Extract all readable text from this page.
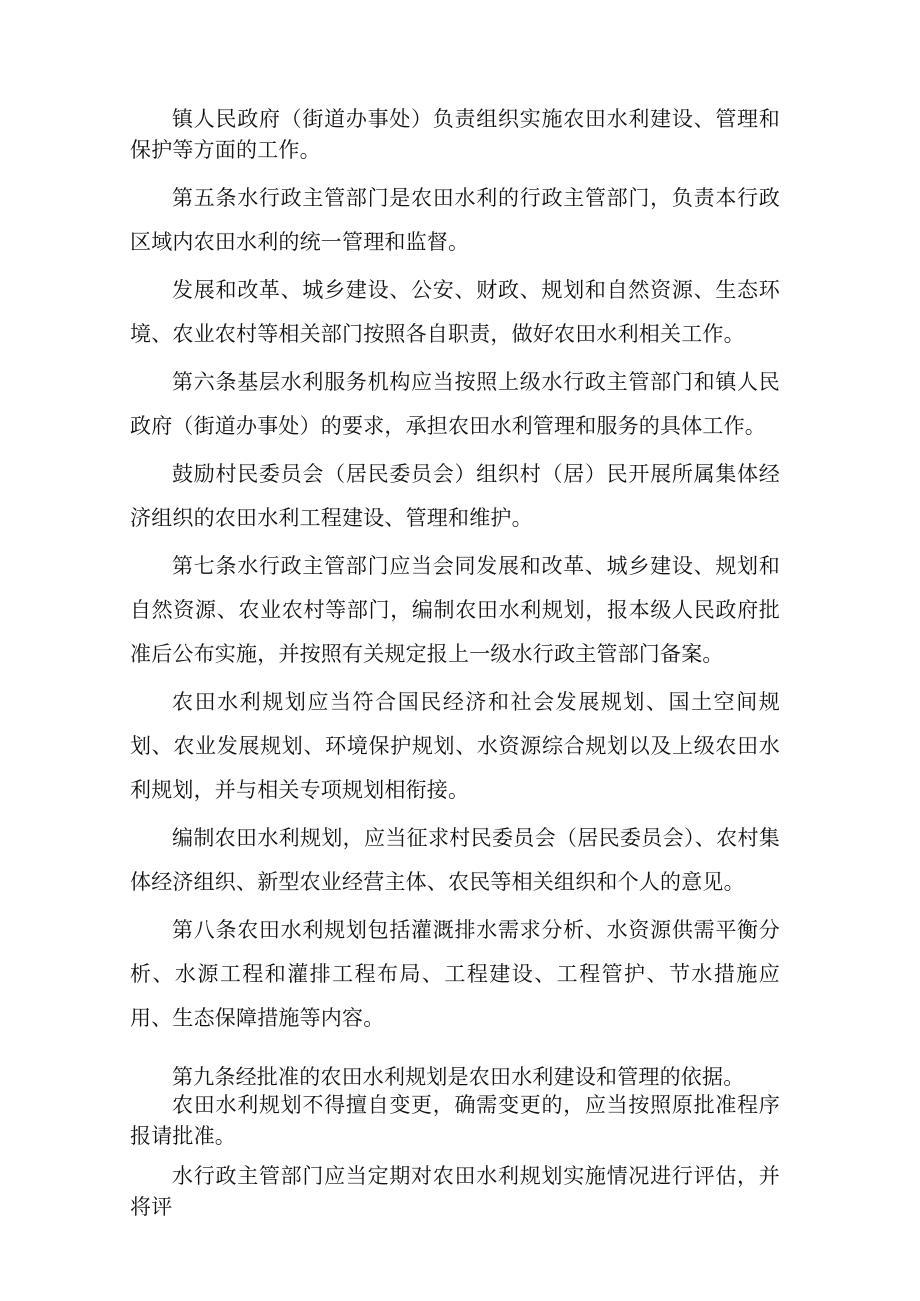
镇人民政府（街道办事处）负责组织实施农田水利建设、管理和保护等方面的工作。

第五条水行政主管部门是农田水利的行政主管部门，负责本行政区域内农田水利的统一管理和监督。

发展和改革、城乡建设、公安、财政、规划和自然资源、生态环境、农业农村等相关部门按照各自职责，做好农田水利相关工作。

第六条基层水利服务机构应当按照上级水行政主管部门和镇人民政府（街道办事处）的要求，承担农田水利管理和服务的具体工作。

鼓励村民委员会（居民委员会）组织村（居）民开展所属集体经济组织的农田水利工程建设、管理和维护。

第七条水行政主管部门应当会同发展和改革、城乡建设、规划和自然资源、农业农村等部门，编制农田水利规划，报本级人民政府批准后公布实施，并按照有关规定报上一级水行政主管部门备案。

农田水利规划应当符合国民经济和社会发展规划、国土空间规划、农业发展规划、环境保护规划、水资源综合规划以及上级农田水利规划，并与相关专项规划相衔接。

编制农田水利规划，应当征求村民委员会（居民委员会）、农村集体经济组织、新型农业经营主体、农民等相关组织和个人的意见。

第八条农田水利规划包括灌溉排水需求分析、水资源供需平衡分析、水源工程和灌排工程布局、工程建设、工程管护、节水措施应用、生态保障措施等内容。

第九条经批准的农田水利规划是农田水利建设和管理的依据。

农田水利规划不得擅自变更，确需变更的，应当按照原批准程序报请批准。

水行政主管部门应当定期对农田水利规划实施情况进行评估，并将评
